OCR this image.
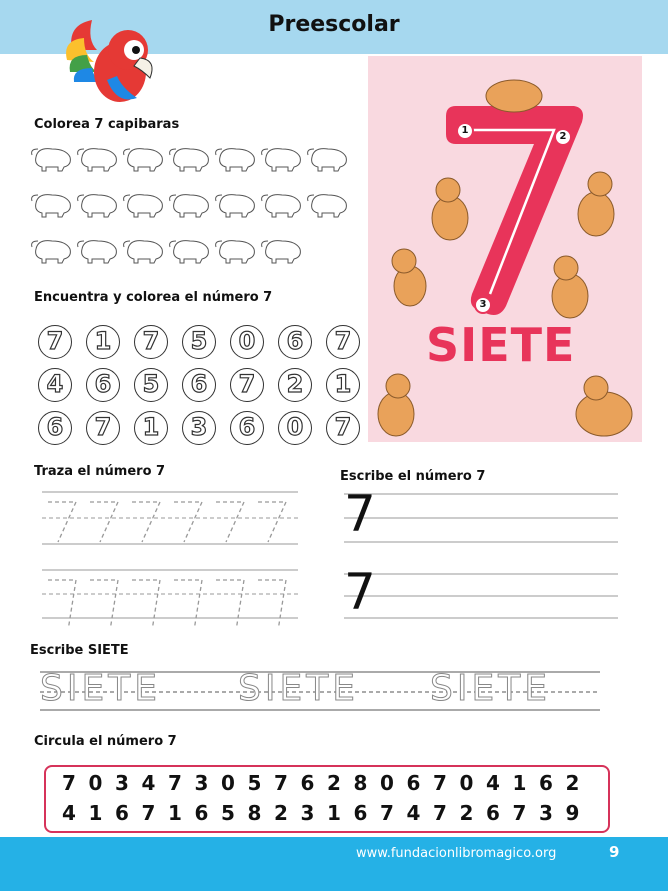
Preescolar
Colorea 7 capibaras
Encuentra y colorea el número 7
7	1	7	5	0	6	7
4	6	5	6	7	2	1
6	7	1	3	6	0	7
1
2
3
SIETE
Traza el número 7	Escribe el número 7
7
7
Escribe SIETE
SIETE SIETE SIETE
Circula el número 7
7 0 3 4 7 3 0 5 7 6 2 8 0 6 7 0 4 1 6 2
4 1 6 7 1 6 5 8 2 3 1 6 7 4 7 2 6 7 3 9
www.fundacionlibromagico.org	9
